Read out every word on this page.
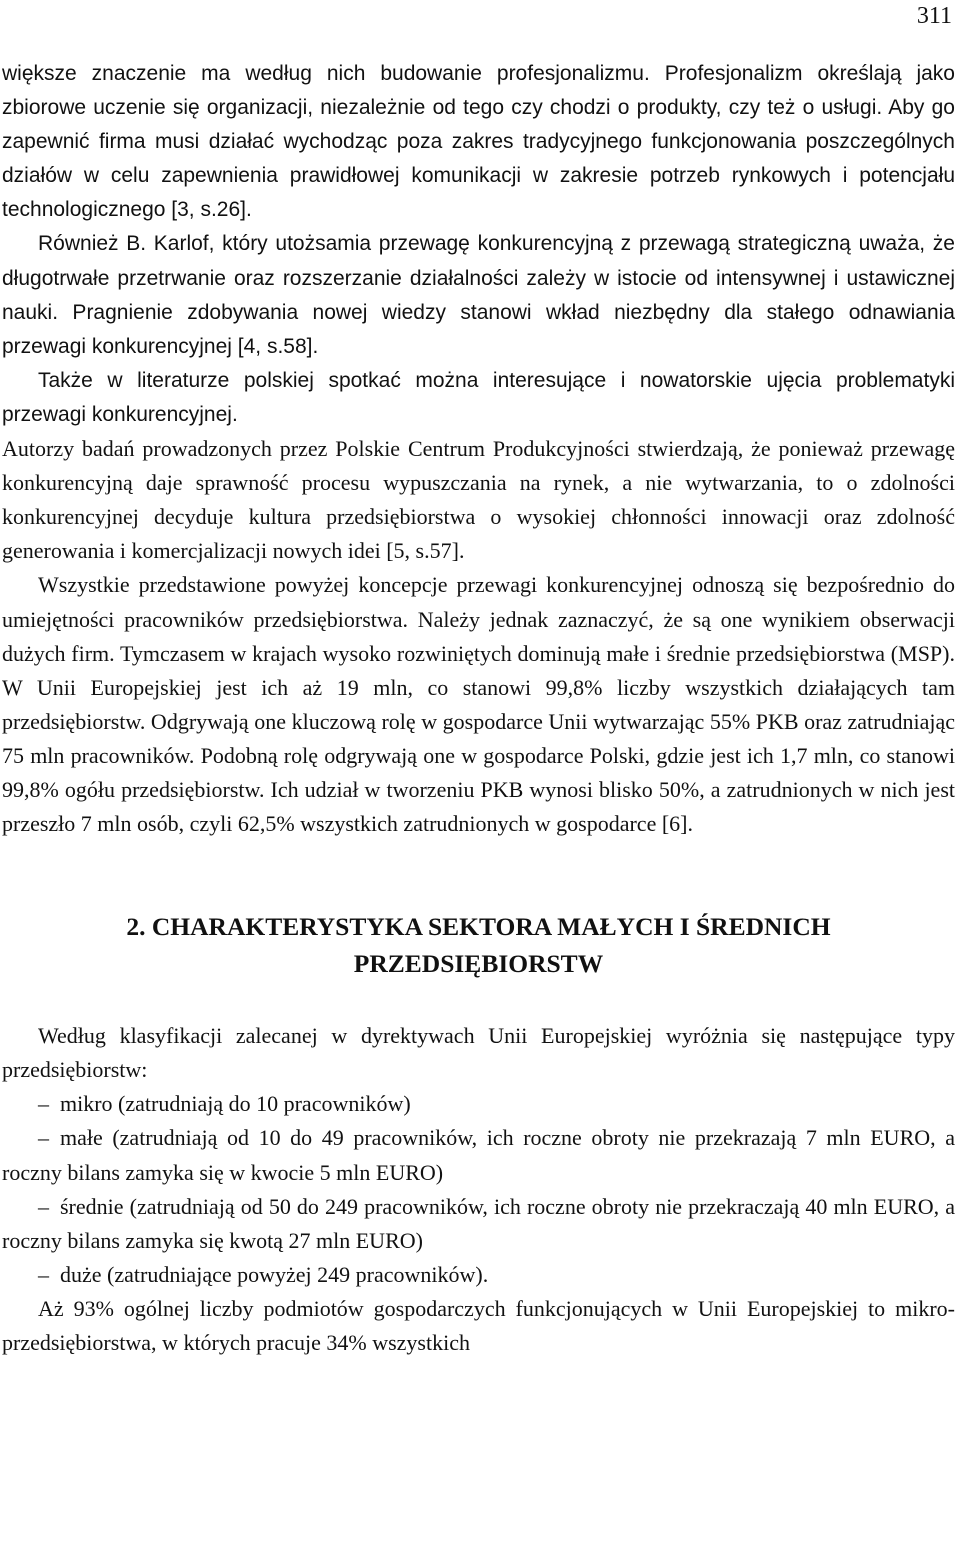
311

większe znaczenie ma według nich budowanie profesjonalizmu. Profesjonalizm określają jako zbiorowe uczenie się organizacji, niezależnie od tego czy chodzi o produkty, czy też o usługi. Aby go zapewnić firma musi działać wychodząc poza zakres tradycyjnego funkcjonowania poszczególnych działów w celu zapewnienia prawidłowej komunikacji w zakresie potrzeb rynkowych i potencjału technologicznego [3, s.26].

Również B. Karlof, który utożsamia przewagę konkurencyjną z przewagą strategiczną uważa, że długotrwałe przetrwanie oraz rozszerzanie działalności zależy w istocie od intensywnej i ustawicznej nauki. Pragnienie zdobywania nowej wiedzy stanowi wkład niezbędny dla stałego odnawiania przewagi konkurencyjnej [4, s.58].

Także w literaturze polskiej spotkać można interesujące i nowatorskie ujęcia problematyki przewagi konkurencyjnej.

Autorzy badań prowadzonych przez Polskie Centrum Produkcyjności stwierdzają, że ponieważ przewagę konkurencyjną daje sprawność procesu wypuszczania na rynek, a nie wytwarzania, to o zdolności konkurencyjnej decyduje kultura przedsiębiorstwa o wysokiej chłonności innowacji oraz zdolność generowania i komercjalizacji nowych idei [5, s.57].

Wszystkie przedstawione powyżej koncepcje przewagi konkurencyjnej odnoszą się bezpośrednio do umiejętności pracowników przedsiębiorstwa. Należy jednak zaznaczyć, że są one wynikiem obserwacji dużych firm. Tymczasem w krajach wysoko rozwiniętych dominują małe i średnie przedsiębiorstwa (MSP). W Unii Europejskiej jest ich aż 19 mln, co stanowi 99,8% liczby wszystkich działających tam przedsiębiorstw. Odgrywają one kluczową rolę w gospodarce Unii wytwarzając 55% PKB oraz zatrudniając 75 mln pracowników. Podobną rolę odgrywają one w gospodarce Polski, gdzie jest ich 1,7 mln, co stanowi 99,8% ogółu przedsiębiorstw. Ich udział w tworzeniu PKB wynosi blisko 50%, a zatrudnionych w nich jest przeszło 7 mln osób, czyli 62,5% wszystkich zatrudnionych w gospodarce [6].

2. CHARAKTERYSTYKA SEKTORA MAŁYCH I ŚREDNICH
PRZEDSIĘBIORSTW

Według klasyfikacji zalecanej w dyrektywach Unii Europejskiej wyróżnia się następujące typy przedsiębiorstw:

– mikro (zatrudniają do 10 pracowników)

– małe (zatrudniają od 10 do 49 pracowników, ich roczne obroty nie przekrazają 7 mln EURO, a roczny bilans zamyka się w kwocie 5 mln EURO)

– średnie (zatrudniają od 50 do 249 pracowników, ich roczne obroty nie przekraczają 40 mln EURO, a roczny bilans zamyka się kwotą 27 mln EURO)

– duże (zatrudniające powyżej 249 pracowników).

Aż 93% ogólnej liczby podmiotów gospodarczych funkcjonujących w Unii Europejskiej to mikro-przedsiębiorstwa, w których pracuje 34% wszystkich
